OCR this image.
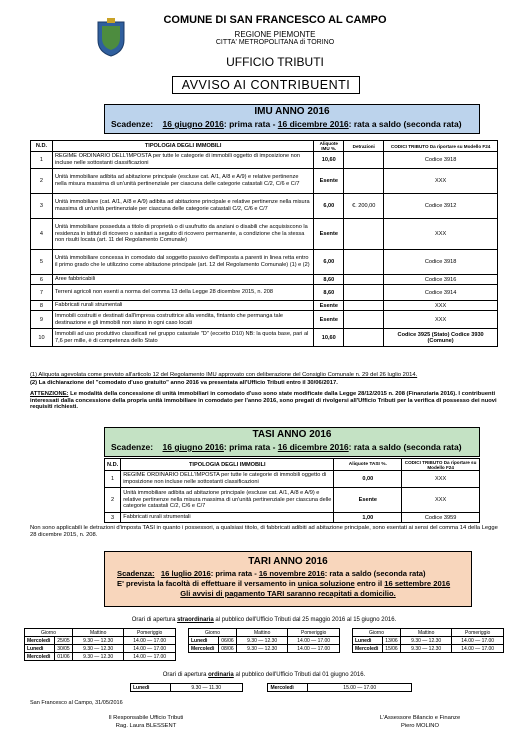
COMUNE DI SAN FRANCESCO AL CAMPO
REGIONE PIEMONTE
CITTA' METROPOLITANA di TORINO
UFFICIO TRIBUTI
AVVISO AI CONTRIBUENTI
IMU ANNO 2016
Scadenze: 16 giugno 2016: prima rata - 16 dicembre 2016: rata a saldo (seconda rata)
N.D.	TIPOLOGIA DEGLI IMMOBILI	Aliquote IMU %.	Detrazioni	CODICI TRIBUTO Da riportare su Modello F24
1	REGIME ORDINARIO DELL'IMPOSTA per tutte le categorie di immobili oggetto di imposizione non incluse nelle sottostanti classificazioni	10,60		Codice 3918
2	Unità immobiliare adibita ad abitazione principale (escluse cat. A/1, A/8 e A/9) e relative pertinenze nella misura massima di un'unità pertinenziale per ciascuna delle categorie catastali C/2, C/6 e C/7	Esente		XXX
3	Unità immobiliare (cat. A/1, A/8 e A/9) adibita ad abitazione principale e relative pertinenze nella misura massima di un'unità pertinenziale per ciascuna delle categorie catastali C/2, C/6 e C/7	6,00	€. 200,00	Codice 3912
4	Unità immobiliare posseduta a titolo di proprietà o di usufrutto da anziani o disabili che acquisiscono la residenza in istituti di ricovero o sanitari a seguito di ricovero permanente, a condizione che la stessa non risulti locata (art. 11 del Regolamento Comunale)	Esente		XXX
5	Unità immobiliare concessa in comodato dal soggetto passivo dell'imposta a parenti in linea retta entro il primo grado che le utilizzino come abitazione principale (art. 12 del Regolamento Comunale) (1) e (2)	6,00		Codice 3918
6	Aree fabbricabili	8,60		Codice 3916
7	Terreni agricoli non esenti a norma del comma 13 della Legge 28 dicembre 2015, n. 208	8,60		Codice 3914
8	Fabbricati rurali strumentali	Esente		XXX
9	Immobili costruiti e destinati dall'impresa costruttrice alla vendita, fintanto che permanga tale destinazione e gli immobili non siano in ogni caso locati	Esente		XXX
10	Immobili ad uso produttivo classificati nel gruppo catastale "D" (eccetto D10) NB: la quota base, pari al 7,6 per mille, è di competenza dello Stato	10,60		Codice 3925 (Stato) Codice 3930 (Comune)
(1) Aliquota agevolata come previsto all'articolo 12 del Regolamento IMU approvato con deliberazione del Consiglio Comunale n. 29 del 26 luglio 2014.
(2) La dichiarazione del "comodato d'uso gratuito" anno 2016 va presentata all'Ufficio Tributi entro il 30/06/2017.
ATTENZIONE: Le modalità della concessione di unità immobiliari in comodato d'uso sono state modificate dalla Legge 28/12/2015 n. 208 (Finanziaria 2016). I contribuenti interessati dalla concessione della propria unità immobiliare in comodato per l'anno 2016, sono pregati di rivolgersi all'Ufficio Tributi per la verifica di possesso dei nuovi requisiti richiesti.
TASI ANNO 2016
Scadenze: 16 giugno 2016: prima rata - 16 dicembre 2016: rata a saldo (seconda rata)
N.D.	TIPOLOGIA DEGLI IMMOBILI	Aliquote TASI %.	CODICI TRIBUTO Da riportare su Modello F24
1	REGIME ORDINARIO DELL'IMPOSTA per tutte le categorie di immobili oggetto di imposizione non incluse nelle sottostanti classificazioni	0,00	XXX
2	Unità immobiliare adibita ad abitazione principale (escluse cat. A/1, A/8 e A/9) e relative pertinenze nella misura massima di un'unità pertinenziale per ciascuna delle categorie catastali C/2, C/6 e C/7	Esente	XXX
3	Fabbricati rurali strumentali	1,00	Codice 3959
Non sono applicabili le detrazioni d'imposta TASI in quanto i possessori, a qualsiasi titolo, di fabbricati adibiti ad abitazione principale, sono esentati ai sensi del comma 14 della Legge 28 dicembre 2015, n. 208.
TARI ANNO 2016
Scadenza: 16 luglio 2016: prima rata - 16 novembre 2016: rata a saldo (seconda rata)
E' prevista la facoltà di effettuare il versamento in unica soluzione entro il 16 settembre 2016
Gli avvisi di pagamento TARI saranno recapitati a domicilio.
Orari di apertura straordinaria al pubblico dell'Ufficio Tributi dal 25 maggio 2016 al 15 giugno 2016.
Giorno		Mattino	Pomeriggio
Mercoledì	25/05	9.30 — 12.30	14.00 — 17.00
Lunedì	30/05	9.30 — 12.30	14.00 — 17.00
Mercoledì	01/06	9.30 — 12.30	14.00 — 17.00
Giorno		Mattino	Pomeriggio
Lunedì	06/06	9.30 — 12.30	14.00 — 17.00
Mercoledì	08/06	9.30 — 12.30	14.00 — 17.00
Giorno		Mattino	Pomeriggio
Lunedì	13/06	9.30 — 12.30	14.00 — 17.00
Mercoledì	15/06	9.30 — 12.30	14.00 — 17.00
Orari di apertura ordinaria al pubblico dell'Ufficio Tributi dal 01 giugno 2016.
Lunedì	9.30 — 11.30		Mercoledì	15.00 — 17.00
San Francesco al Campo, 31/05/2016
Il Responsabile Ufficio Tributi
Rag. Laura BLESSENT
L'Assessore Bilancio e Finanze
Piero MOLINO
